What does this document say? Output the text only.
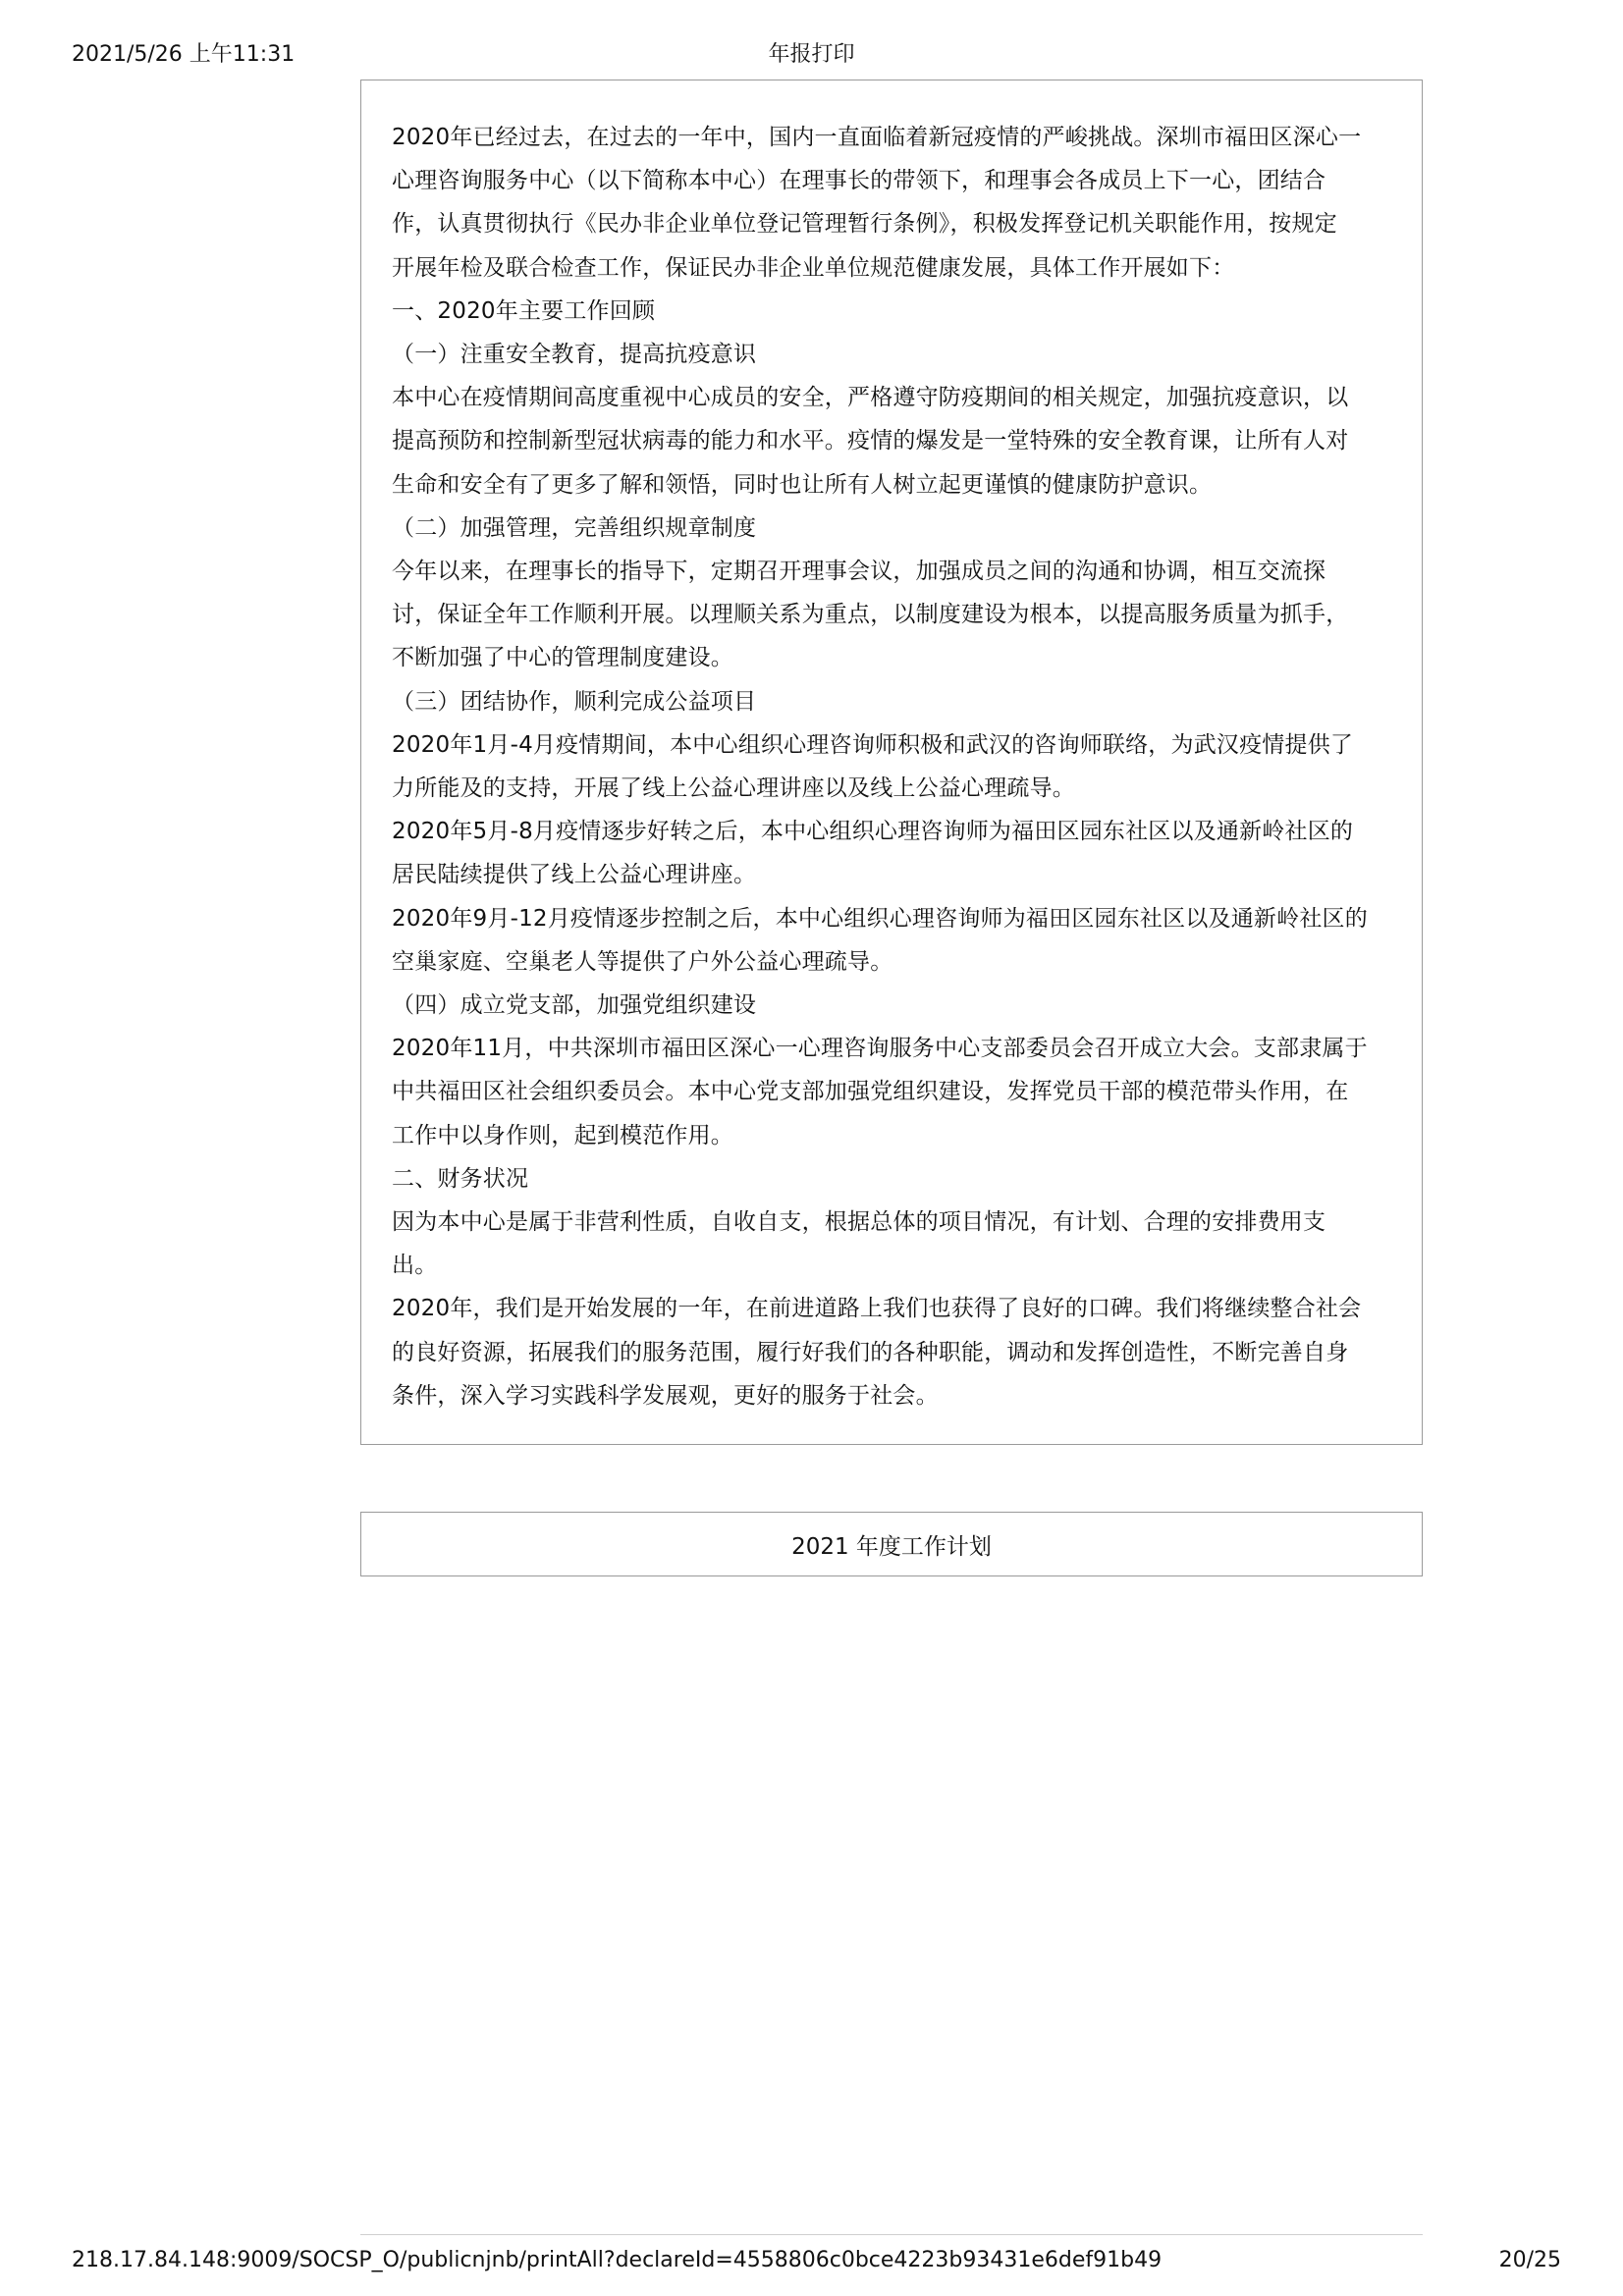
2021/5/26 上午11:31	年报打印

2020年已经过去，在过去的一年中，国内一直面临着新冠疫情的严峻挑战。深圳市福田区深心一

心理咨询服务中心（以下简称本中心）在理事长的带领下，和理事会各成员上下一心，团结合

作，认真贯彻执行《民办非企业单位登记管理暂行条例》，积极发挥登记机关职能作用，按规定

开展年检及联合检查工作，保证民办非企业单位规范健康发展，具体工作开展如下：

一、2020年主要工作回顾

（一）注重安全教育，提高抗疫意识

本中心在疫情期间高度重视中心成员的安全，严格遵守防疫期间的相关规定，加强抗疫意识，以

提高预防和控制新型冠状病毒的能力和水平。疫情的爆发是一堂特殊的安全教育课，让所有人对

生命和安全有了更多了解和领悟，同时也让所有人树立起更谨慎的健康防护意识。

（二）加强管理，完善组织规章制度

今年以来，在理事长的指导下，定期召开理事会议，加强成员之间的沟通和协调，相互交流探

讨，保证全年工作顺利开展。以理顺关系为重点，以制度建设为根本，以提高服务质量为抓手，

不断加强了中心的管理制度建设。

（三）团结协作，顺利完成公益项目

2020年1月-4月疫情期间，本中心组织心理咨询师积极和武汉的咨询师联络，为武汉疫情提供了

力所能及的支持，开展了线上公益心理讲座以及线上公益心理疏导。

2020年5月-8月疫情逐步好转之后，本中心组织心理咨询师为福田区园东社区以及通新岭社区的

居民陆续提供了线上公益心理讲座。

2020年9月-12月疫情逐步控制之后，本中心组织心理咨询师为福田区园东社区以及通新岭社区的

空巢家庭、空巢老人等提供了户外公益心理疏导。

（四）成立党支部，加强党组织建设

2020年11月，中共深圳市福田区深心一心理咨询服务中心支部委员会召开成立大会。支部隶属于

中共福田区社会组织委员会。本中心党支部加强党组织建设，发挥党员干部的模范带头作用，在

工作中以身作则，起到模范作用。

二、财务状况

因为本中心是属于非营利性质，自收自支，根据总体的项目情况，有计划、合理的安排费用支

出。

2020年，我们是开始发展的一年，在前进道路上我们也获得了良好的口碑。我们将继续整合社会

的良好资源，拓展我们的服务范围，履行好我们的各种职能，调动和发挥创造性，不断完善自身

条件，深入学习实践科学发展观，更好的服务于社会。

2021 年度工作计划
218.17.84.148:9009/SOCSP_O/publicnjnb/printAll?declareId=4558806c0bce4223b93431e6def91b49	20/25
